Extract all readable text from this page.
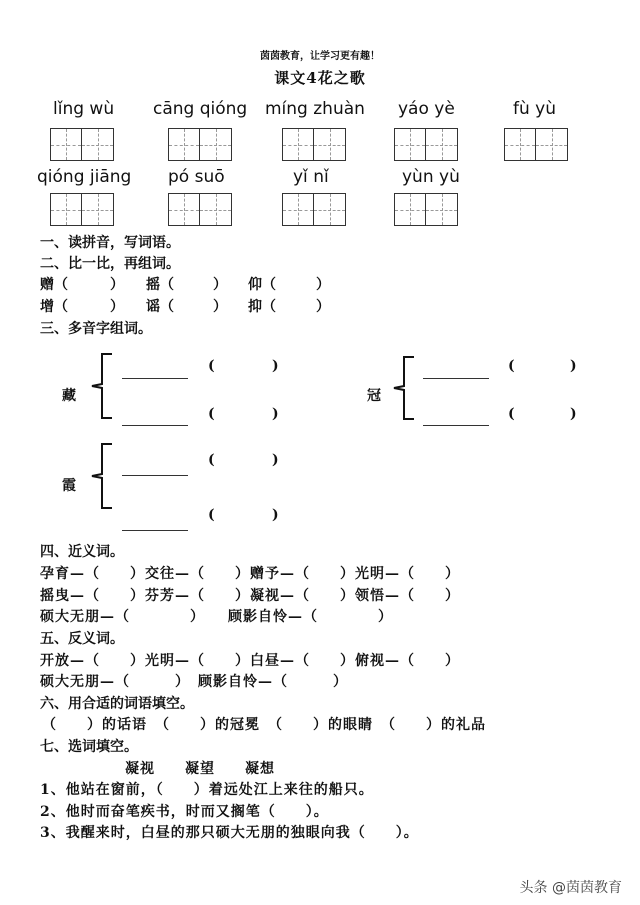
茵茵教育，让学习更有趣！
课文4花之歌
lǐng wù cāng qióng míng zhuàn yáo yè	fù yù
qióng jiāng pó suō	yǐ nǐ	yùn yù
一、读拼音，写词语。
二、比一比，再组词。
赠（	） 摇（	） 仰（	）
增（	） 谣（	） 抑（	）
三、多音字组词。
藏
(	)
(	)
冠
(	)
(	)
霞
(	)
(	)
四、近义词。
孕育—（　　）交往—（　　）赠予—（　　）光明—（　　）
摇曳—（　　）芬芳—（　　）凝视—（　　）领悟—（　　）
硕大无朋—（　　　　）　　顾影自怜—（　　　　）
五、反义词。
开放—（　　）光明—（　　）白昼—（　　）俯视—（　　）
硕大无朋—（　　　）　顾影自怜—（　　　）
六、用合适的词语填空。
（　　）的话语　（　　）的冠冕　（　　）的眼睛　（　　）的礼品
七、选词填空。
凝视　　凝望　　凝想
1、他站在窗前，（　　）着远处江上来往的船只。
2、他时而奋笔疾书，时而又搁笔（　　）。
3、我醒来时，白昼的那只硕大无朋的独眼向我（　　）。
头条 @茵茵教育
